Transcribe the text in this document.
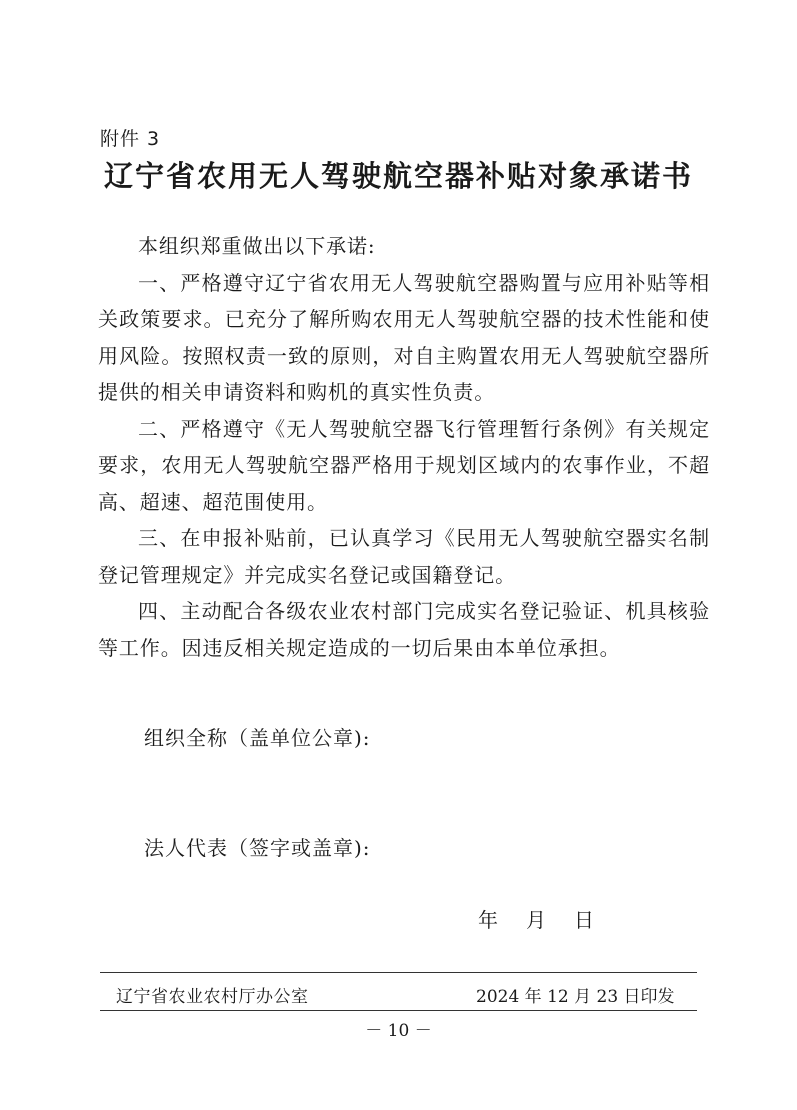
附件 3
辽宁省农用无人驾驶航空器补贴对象承诺书

本组织郑重做出以下承诺:

一、严格遵守辽宁省农用无人驾驶航空器购置与应用补贴等相关政策要求。已充分了解所购农用无人驾驶航空器的技术性能和使用风险。按照权责一致的原则，对自主购置农用无人驾驶航空器所提供的相关申请资料和购机的真实性负责。

二、严格遵守《无人驾驶航空器飞行管理暂行条例》有关规定要求，农用无人驾驶航空器严格用于规划区域内的农事作业，不超高、超速、超范围使用。

三、在申报补贴前，已认真学习《民用无人驾驶航空器实名制登记管理规定》并完成实名登记或国籍登记。

四、主动配合各级农业农村部门完成实名登记验证、机具核验等工作。因违反相关规定造成的一切后果由本单位承担。

组织全称（盖单位公章):
法人代表（签字或盖章):
年 月 日
辽宁省农业农村厅办公室	2024 年 12 月 23 日印发
－ 10 －
